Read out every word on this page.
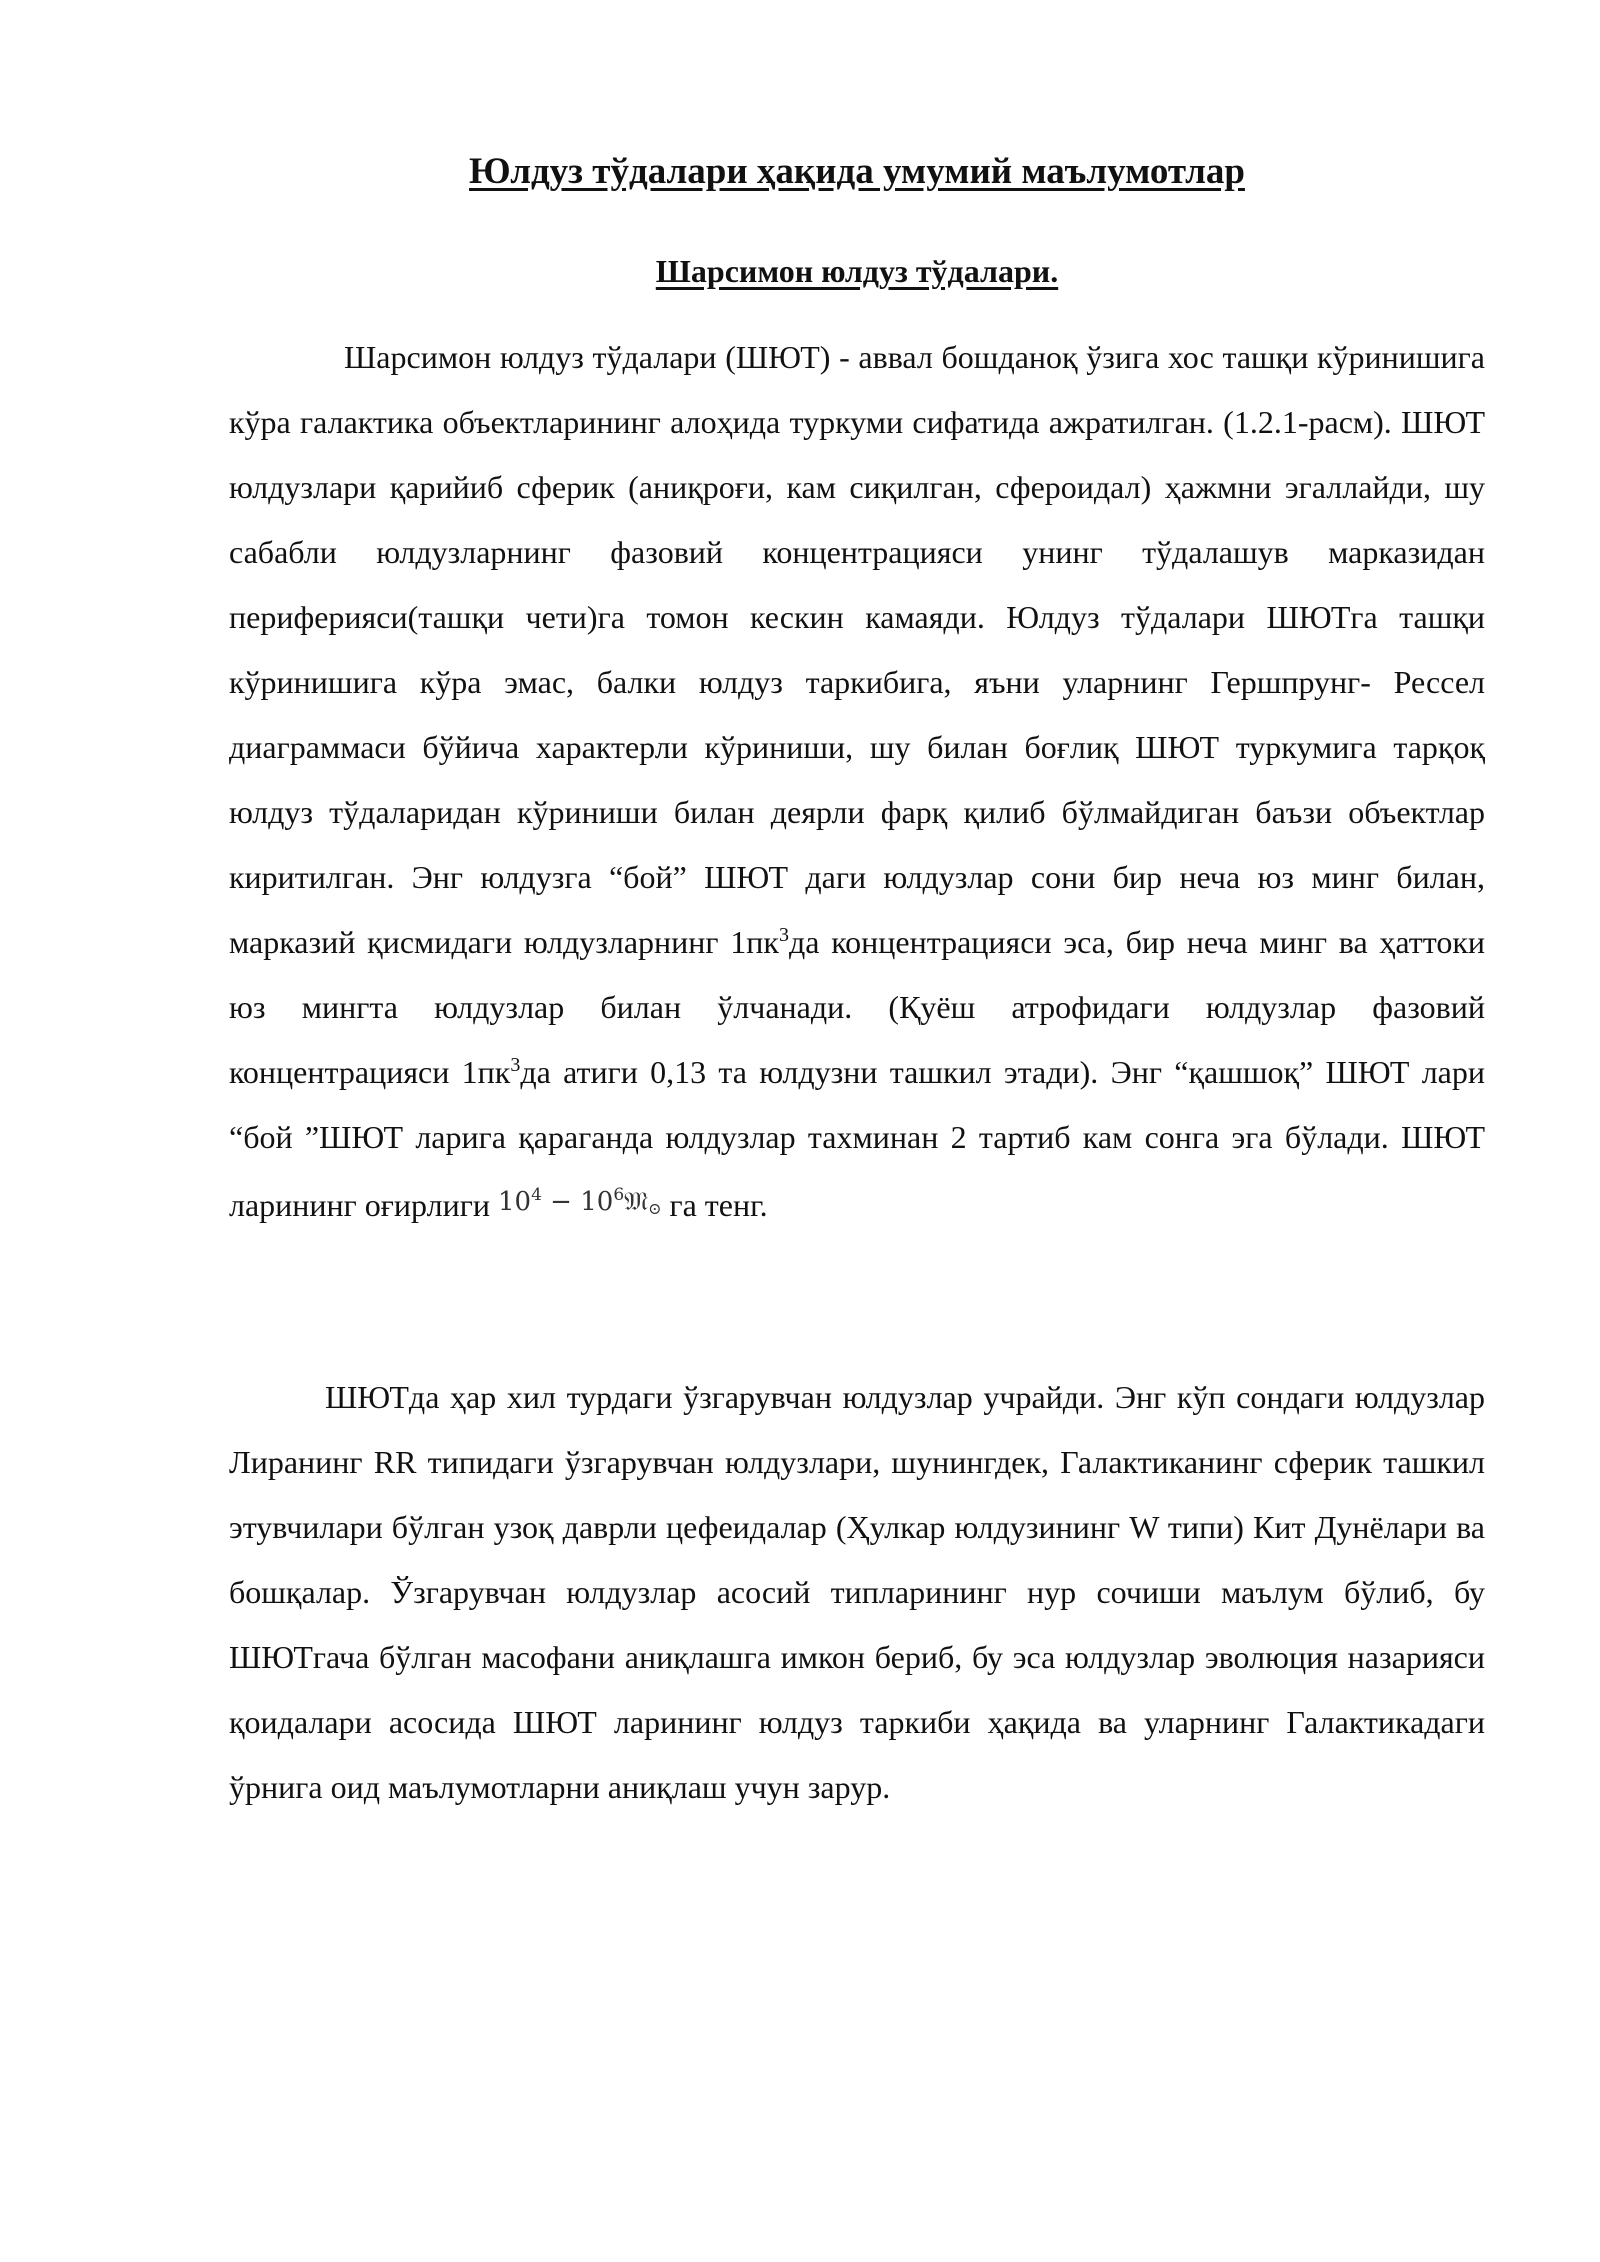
Юлдуз тўдалари ҳақида умумий маълумотлар
Шарсимон юлдуз тўдалари.

Шарсимон юлдуз тўдалари (ШЮТ) - аввал бошданоқ ўзига хос ташқи кўринишига кўра галактика объектларининг алоҳида туркуми сифатида ажратилган. (1.2.1-расм). ШЮТ юлдузлари қарийиб сферик (аниқроғи, кам сиқилган, сфероидал) ҳажмни эгаллайди, шу сабабли юлдузларнинг фазовий концентрацияси унинг тўдалашув марказидан периферияси(ташқи чети)га томон кескин камаяди. Юлдуз тўдалари ШЮТга ташқи кўринишига кўра эмас, балки юлдуз таркибига, яъни уларнинг Гершпрунг- Рессел диаграммаси бўйича характерли кўриниши, шу билан боғлиқ ШЮТ туркумига тарқоқ юлдуз тўдаларидан кўриниши билан деярли фарқ қилиб бўлмайдиган баъзи объектлар киритилган. Энг юлдузга “бой” ШЮТ даги юлдузлар сони бир неча юз минг билан, марказий қисмидаги юлдузларнинг $1пк^3да$ концентрацияси эса, бир неча минг ва ҳаттоки юз мингта юлдузлар билан ўлчанади. (Қуёш атрофидаги юлдузлар фазовий концентрацияси $1пк^3да$ атиги 0,13 та юлдузни ташкил этади). Энг “қашшоқ” ШЮТ лари “бой ”ШЮТ ларига қараганда юлдузлар тахминан 2 тартиб кам сонга эга бўлади. ШЮТ ларининг оғирлиги $10^4$ − $10^6𝔐⊙$ га тенг.

ШЮТда ҳар хил турдаги ўзгарувчан юлдузлар учрайди. Энг кўп сондаги юлдузлар Лиранинг RR типидаги ўзгарувчан юлдузлари, шунингдек, Галактиканинг сферик ташкил этувчилари бўлган узоқ даврли цефеидалар (Ҳулкар юлдузининг W типи) Кит Дунёлари ва бошқалар. Ўзгарувчан юлдузлар асосий типларининг нур сочиши маълум бўлиб, бу ШЮТгача бўлган масофани аниқлашга имкон бериб, бу эса юлдузлар эволюция назарияси қоидалари асосида ШЮТ ларининг юлдуз таркиби ҳақида ва уларнинг Галактикадаги ўрнига оид маълумотларни аниқлаш учун зарур.
